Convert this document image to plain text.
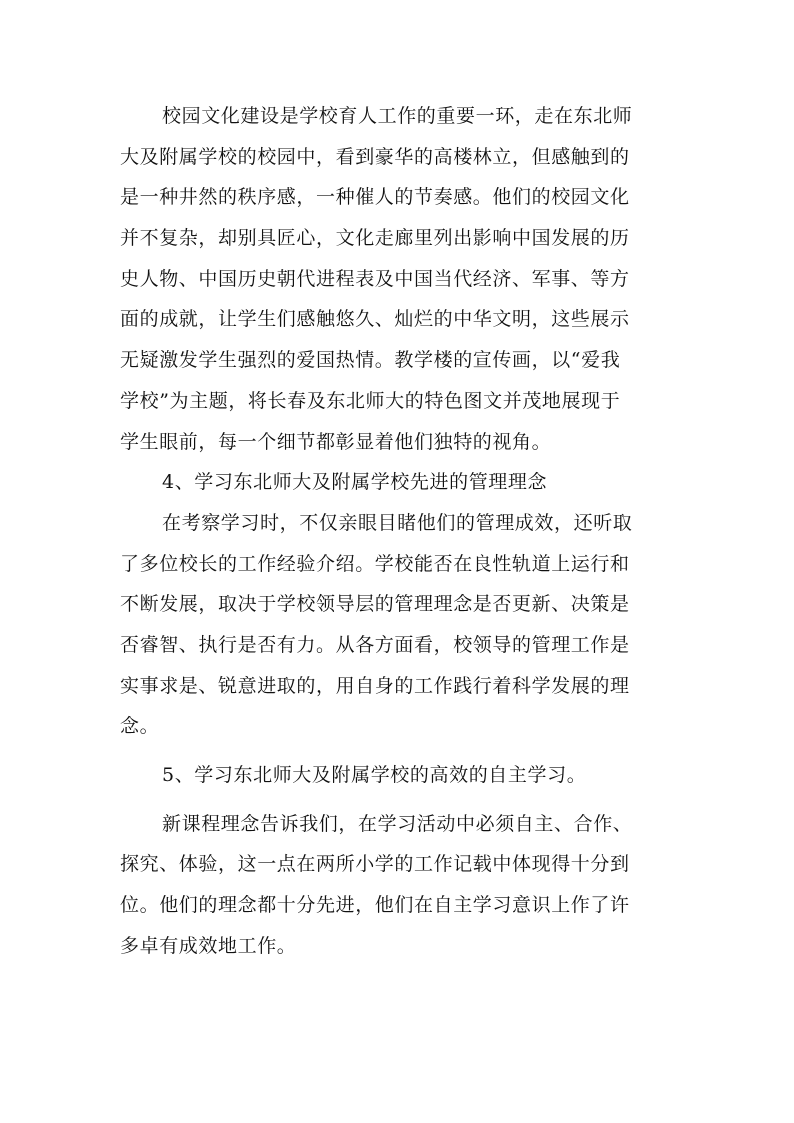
校园文化建设是学校育人工作的重要一环，走在东北师
大及附属学校的校园中，看到豪华的高楼林立，但感触到的
是一种井然的秩序感，一种催人的节奏感。他们的校园文化
并不复杂，却别具匠心，文化走廊里列出影响中国发展的历
史人物、中国历史朝代进程表及中国当代经济、军事、等方
面的成就，让学生们感触悠久、灿烂的中华文明，这些展示
无疑激发学生强烈的爱国热情。教学楼的宣传画，以“爱我
学校”为主题，将长春及东北师大的特色图文并茂地展现于
学生眼前，每一个细节都彰显着他们独特的视角。
4、学习东北师大及附属学校先进的管理理念
在考察学习时，不仅亲眼目睹他们的管理成效，还听取
了多位校长的工作经验介绍。学校能否在良性轨道上运行和
不断发展，取决于学校领导层的管理理念是否更新、决策是
否睿智、执行是否有力。从各方面看，校领导的管理工作是
实事求是、锐意进取的，用自身的工作践行着科学发展的理
念。
5、学习东北师大及附属学校的高效的自主学习。
新课程理念告诉我们，在学习活动中必须自主、合作、
探究、体验，这一点在两所小学的工作记载中体现得十分到
位。他们的理念都十分先进，他们在自主学习意识上作了许
多卓有成效地工作。
